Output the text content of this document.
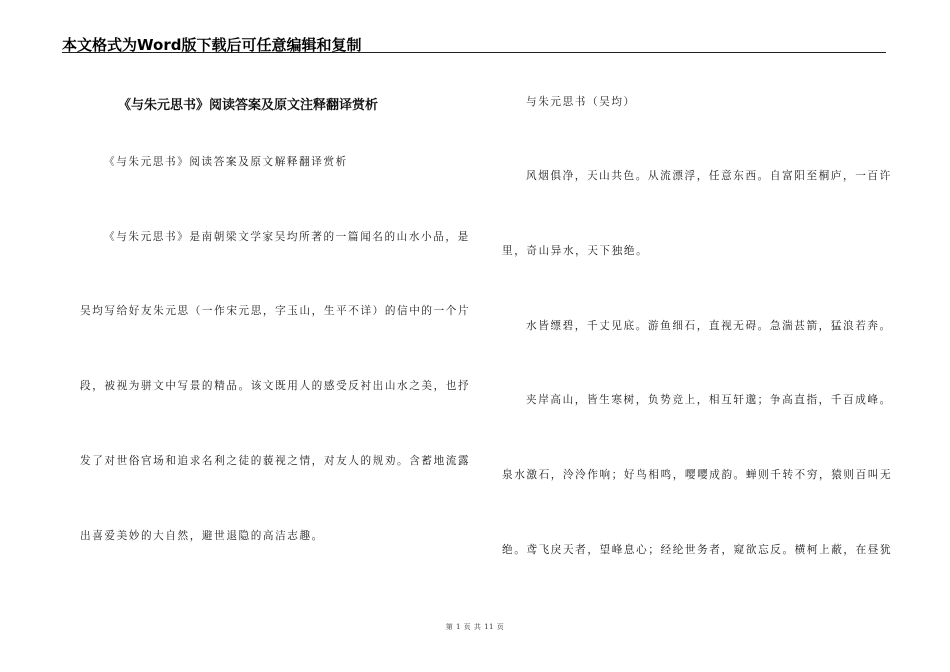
本文格式为Word版下载后可任意编辑和复制
《与朱元思书》阅读答案及原文注释翻译赏析
《与朱元思书》阅读答案及原文解释翻译赏析
《与朱元思书》是南朝梁文学家吴均所著的一篇闻名的山水小品，是
吴均写给好友朱元思（一作宋元思，字玉山，生平不详）的信中的一个片
段，被视为骈文中写景的精品。该文既用人的感受反衬出山水之美，也抒
发了对世俗官场和追求名利之徒的藐视之情，对友人的规劝。含蓄地流露
出喜爱美妙的大自然，避世退隐的高洁志趣。
与朱元思书（吴均）
风烟俱净，天山共色。从流漂浮，任意东西。自富阳至桐庐，一百许
里，奇山异水，天下独绝。
水皆缥碧，千丈见底。游鱼细石，直视无碍。急湍甚箭，猛浪若奔。
夹岸高山，皆生寒树，负势竞上，相互轩邈；争高直指，千百成峰。
泉水激石，泠泠作响；好鸟相鸣，嘤嘤成韵。蝉则千转不穷，猿则百叫无
绝。鸢飞戾天者，望峰息心；经纶世务者，窥欲忘反。横柯上蔽，在昼犹
第 1 页 共 11 页
